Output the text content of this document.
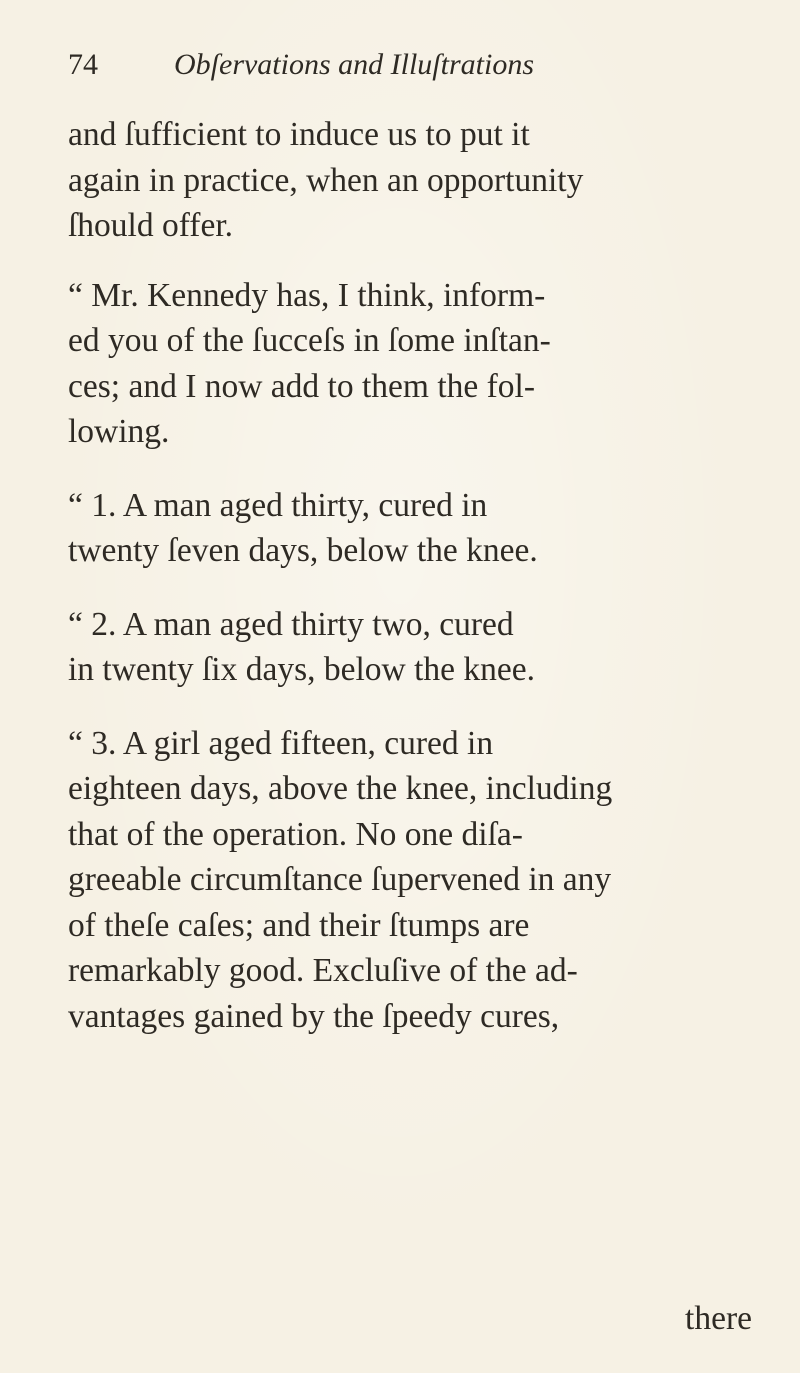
74	Obſervations and Illuſtrations

and ſufficient to induce us to put it
again in practice, when an opportunity
ſhould offer.

“ Mr. Kennedy has, I think, inform-
ed you of the ſucceſs in ſome inſtan-
ces; and I now add to them the fol-
lowing.

“ 1. A man aged thirty, cured in
twenty ſeven days, below the knee.

“ 2. A man aged thirty two, cured
in twenty ſix days, below the knee.

“ 3. A girl aged fifteen, cured in
eighteen days, above the knee, including
that of the operation. No one diſa-
greeable circumſtance ſupervened in any
of theſe caſes; and their ſtumps are
remarkably good. Excluſive of the ad-
vantages gained by the ſpeedy cures,

there
